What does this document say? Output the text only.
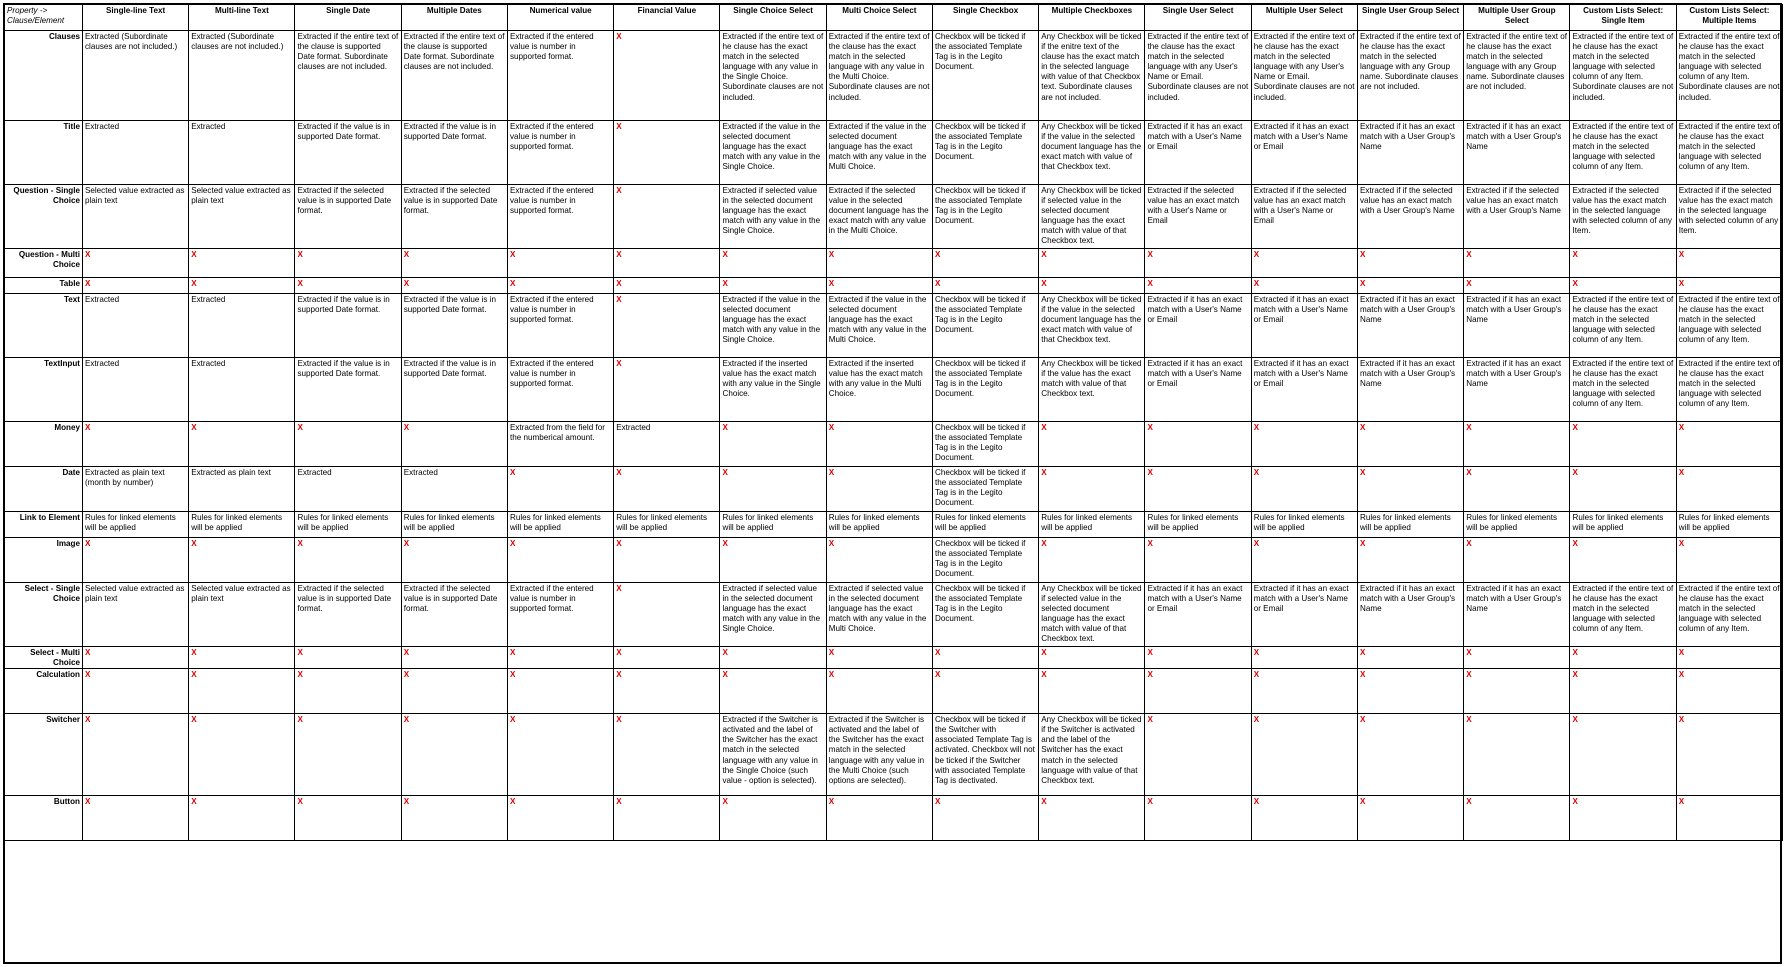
Property -> Clause/Element	Single-line Text	Multi-line Text	Single Date	Multiple Dates	Numerical value	Financial Value	Single Choice Select	Multi Choice Select	Single Checkbox	Multiple Checkboxes	Single User Select	Multiple User Select	Single User Group Select	Multiple User Group Select	Custom Lists Select: Single Item	Custom Lists Select: Multiple Items
Clauses	Extracted (Subordinate clauses are not included.)	Extracted (Subordinate clauses are not included.)	Extracted if the entire text of the clause is supported Date format. Subordinate clauses are not included.	Extracted if the entire text of the clause is supported Date format. Subordinate clauses are not included.	Extracted if the entered value is number in supported format.	X	Extracted if the entire text of he clause has the exact match in the selected language with any value in the Single Choice. Subordinate clauses are not included.	Extracted if the entire text of the clause has the exact match in the selected language with any value in the Multi Choice. Subordinate clauses are not included.	Checkbox will be ticked if the associated Template Tag is in the Legito Document.	Any Checkbox will be ticked if the enitre text of the clause has the exact match in the selected language with value of that Checkbox text. Subordinate clauses are not included.	Extracted if the entire text of the clause has the exact match in the selected language with any User's Name or Email. Subordinate clauses are not included.	Extracted if the entire text of he clause has the exact match in the selected language with any User's Name or Email. Subordinate clauses are not included.	Extracted if the entire text of he clause has the exact match in the selected language with any Group name. Subordinate clauses are not included.	Extracted if the entire text of he clause has the exact match in the selected language with any Group name. Subordinate clauses are not included.	Extracted if the entire text of he clause has the exact match in the selected language with selected column of any Item. Subordinate clauses are not included.	Extracted if the entire text of he clause has the exact match in the selected language with selected column of any Item. Subordinate clauses are not included.
Title	Extracted	Extracted	Extracted if the value is in supported Date format.	Extracted if the value is in supported Date format.	Extracted if the entered value is number in supported format.	X	Extracted if the value in the selected document language has the exact match with any value in the Single Choice.	Extracted if the value in the selected document language has the exact match with any value in the Multi Choice.	Checkbox will be ticked if the associated Template Tag is in the Legito Document.	Any Checkbox will be ticked if the value in the selected document language has the exact match with value of that Checkbox text.	Extracted if it has an exact match with a User's Name or Email	Extracted if it has an exact match with a User's Name or Email	Extracted if it has an exact match with a User Group's Name	Extracted if it has an exact match with a User Group's Name	Extracted if the entire text of he clause has the exact match in the selected language with selected column of any Item.	Extracted if the entire text of he clause has the exact match in the selected language with selected column of any Item.
Question - Single Choice	Selected value extracted as plain text	Selected value extracted as plain text	Extracted if the selected value is in supported Date format.	Extracted if the selected value is in supported Date format.	Extracted if the entered value is number in supported format.	X	Extracted if selected value in the selected document language has the exact match with any value in the Single Choice.	Extracted if the selected value in the selected document language has the exact match with any value in the Multi Choice.	Checkbox will be ticked if the associated Template Tag is in the Legito Document.	Any Checkbox will be ticked if selected value in the selected document language has the exact match with value of that Checkbox text.	Extracted if the selected value has an exact match with a User's Name or Email	Extracted if if the selected value has an exact match with a User's Name or Email	Extracted if if the selected value has an exact match with a User Group's Name	Extracted if if the selected value has an exact match with a User Group's Name	Extracted if the selected value has the exact match in the selected language with selected column of any Item.	Extracted if if the selected value has the exact match in the selected language with selected column of any Item.
Question - Multi Choice	X	X	X	X	X	X	X	X	X	X	X	X	X	X	X	X
Table	X	X	X	X	X	X	X	X	X	X	X	X	X	X	X	X
Text	Extracted	Extracted	Extracted if the value is in supported Date format.	Extracted if the value is in supported Date format.	Extracted if the entered value is number in supported format.	X	Extracted if the value in the selected document language has the exact match with any value in the Single Choice.	Extracted if the value in the selected document language has the exact match with any value in the Multi Choice.	Checkbox will be ticked if the associated Template Tag is in the Legito Document.	Any Checkbox will be ticked if the value in the selected document language has the exact match with value of that Checkbox text.	Extracted if it has an exact match with a User's Name or Email	Extracted if it has an exact match with a User's Name or Email	Extracted if it has an exact match with a User Group's Name	Extracted if it has an exact match with a User Group's Name	Extracted if the entire text of he clause has the exact match in the selected language with selected column of any Item.	Extracted if the entire text of he clause has the exact match in the selected language with selected column of any Item.
TextInput	Extracted	Extracted	Extracted if the value is in supported Date format.	Extracted if the value is in supported Date format.	Extracted if the entered value is number in supported format.	X	Extracted if the inserted value has the exact match with any value in the Single Choice.	Extracted if the inserted value has the exact match with any value in the Multi Choice.	Checkbox will be ticked if the associated Template Tag is in the Legito Document.	Any Checkbox will be ticked if the value has the exact match with value of that Checkbox text.	Extracted if it has an exact match with a User's Name or Email	Extracted if it has an exact match with a User's Name or Email	Extracted if it has an exact match with a User Group's Name	Extracted if it has an exact match with a User Group's Name	Extracted if the entire text of he clause has the exact match in the selected language with selected column of any Item.	Extracted if the entire text of he clause has the exact match in the selected language with selected column of any Item.
Money	X	X	X	X	Extracted from the field for the numberical amount.	Extracted	X	X	Checkbox will be ticked if the associated Template Tag is in the Legito Document.	X	X	X	X	X	X	X
Date	Extracted as plain text (month by number)	Extracted as plain text	Extracted	Extracted	X	X	X	X	Checkbox will be ticked if the associated Template Tag is in the Legito Document.	X	X	X	X	X	X	X
Link to Element	Rules for linked elements will be applied	Rules for linked elements will be applied	Rules for linked elements will be applied	Rules for linked elements will be applied	Rules for linked elements will be applied	Rules for linked elements will be applied	Rules for linked elements will be applied	Rules for linked elements will be applied	Rules for linked elements will be applied	Rules for linked elements will be applied	Rules for linked elements will be applied	Rules for linked elements will be applied	Rules for linked elements will be applied	Rules for linked elements will be applied	Rules for linked elements will be applied	Rules for linked elements will be applied
Image	X	X	X	X	X	X	X	X	Checkbox will be ticked if the associated Template Tag is in the Legito Document.	X	X	X	X	X	X	X
Select - Single Choice	Selected value extracted as plain text	Selected value extracted as plain text	Extracted if the selected value is in supported Date format.	Extracted if the selected value is in supported Date format.	Extracted if the entered value is number in supported format.	X	Extracted if selected value in the selected document language has the exact match with any value in the Single Choice.	Extracted if selected value in the selected document language has the exact match with any value in the Multi Choice.	Checkbox will be ticked if the associated Template Tag is in the Legito Document.	Any Checkbox will be ticked if selected value in the selected document language has the exact match with value of that Checkbox text.	Extracted if it has an exact match with a User's Name or Email	Extracted if it has an exact match with a User's Name or Email	Extracted if it has an exact match with a User Group's Name	Extracted if it has an exact match with a User Group's Name	Extracted if the entire text of he clause has the exact match in the selected language with selected column of any Item.	Extracted if the entire text of he clause has the exact match in the selected language with selected column of any Item.
Select - Multi Choice	X	X	X	X	X	X	X	X	X	X	X	X	X	X	X	X
Calculation	X	X	X	X	X	X	X	X	X	X	X	X	X	X	X	X
Switcher	X	X	X	X	X	X	Extracted if the Switcher is activated and the label of the Switcher has the exact match in the selected language with any value in the Single Choice (such value - option is selected).	Extracted if the Switcher is activated and the label of the Switcher has the exact match in the selected language with any value in the Multi Choice (such options are selected).	Checkbox will be ticked if the Switcher with associated Template Tag is activated. Checkbox will not be ticked if the Switcher with associated Template Tag is dectivated.	Any Checkbox will be ticked if the Switcher is activated and the label of the Switcher has the exact match in the selected language with value of that Checkbox text.	X	X	X	X	X	X
Button	X	X	X	X	X	X	X	X	X	X	X	X	X	X	X	X
